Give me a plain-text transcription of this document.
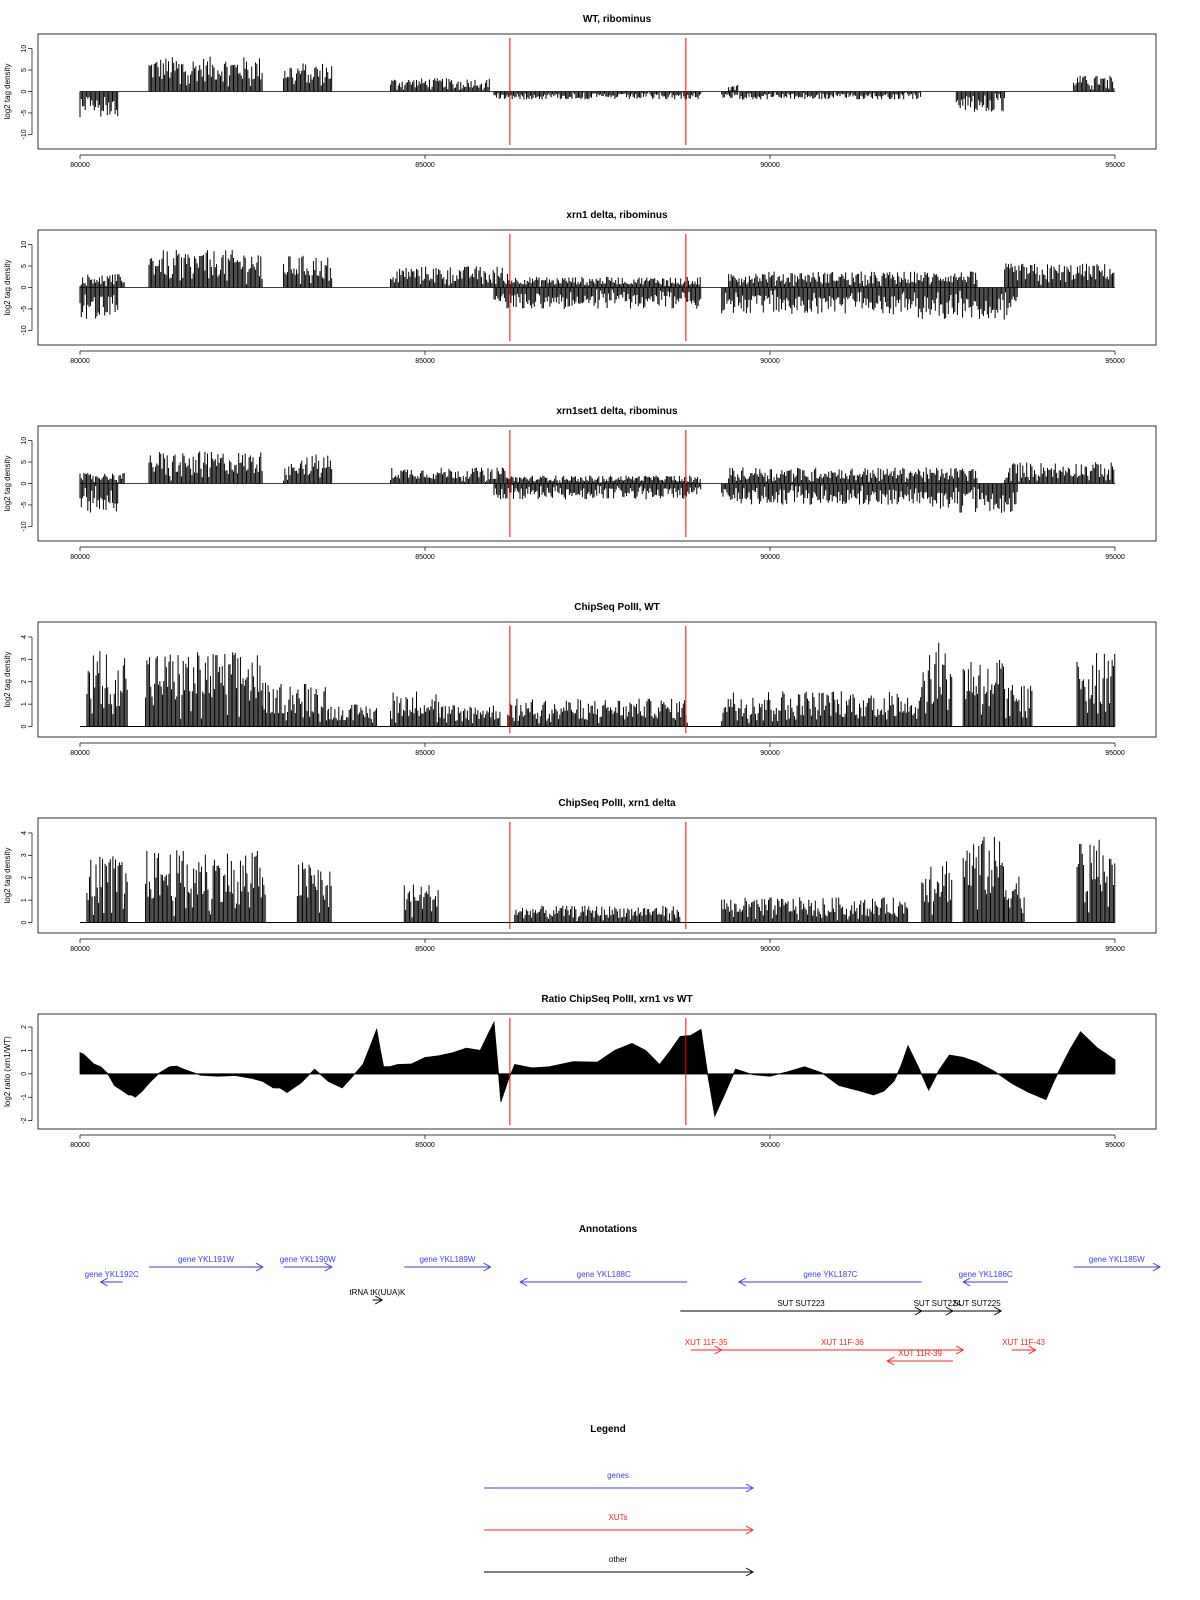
Annotations
Legend
genes
XUTs
other
WT, ribominus
-10
-5
0
5
10
log2 tag density
80000	85000	90000	95000
xrn1 delta, ribominus
-10
-5
0
5
10
log2 tag density
80000	85000	90000	95000
xrn1set1 delta, ribominus
-10
-5
0
5
10
log2 tag density
80000	85000	90000	95000
ChipSeq PolII, WT
0
1
2
3
4
log2 tag density
80000	85000	90000	95000
ChipSeq PolII, xrn1 delta
0
1
2
3
4
log2 tag density
80000	85000	90000	95000
Ratio ChipSeq PolII, xrn1 vs WT
-2
-1
0
1
2
log2 ratio (xrn1/WT)
80000	85000	90000	95000
gene YKL192C
gene YKL191W	gene YKL190W	gene YKL189W
gene YKL188C	gene YKL187C	gene YKL186C
gene YKL185W
tRNA tK(UUA)K
SUT SUT223	SUT SUT224
SUT SUT225
XUT 11F-35	XUT 11F-36
XUT 11R-39
XUT 11F-43
